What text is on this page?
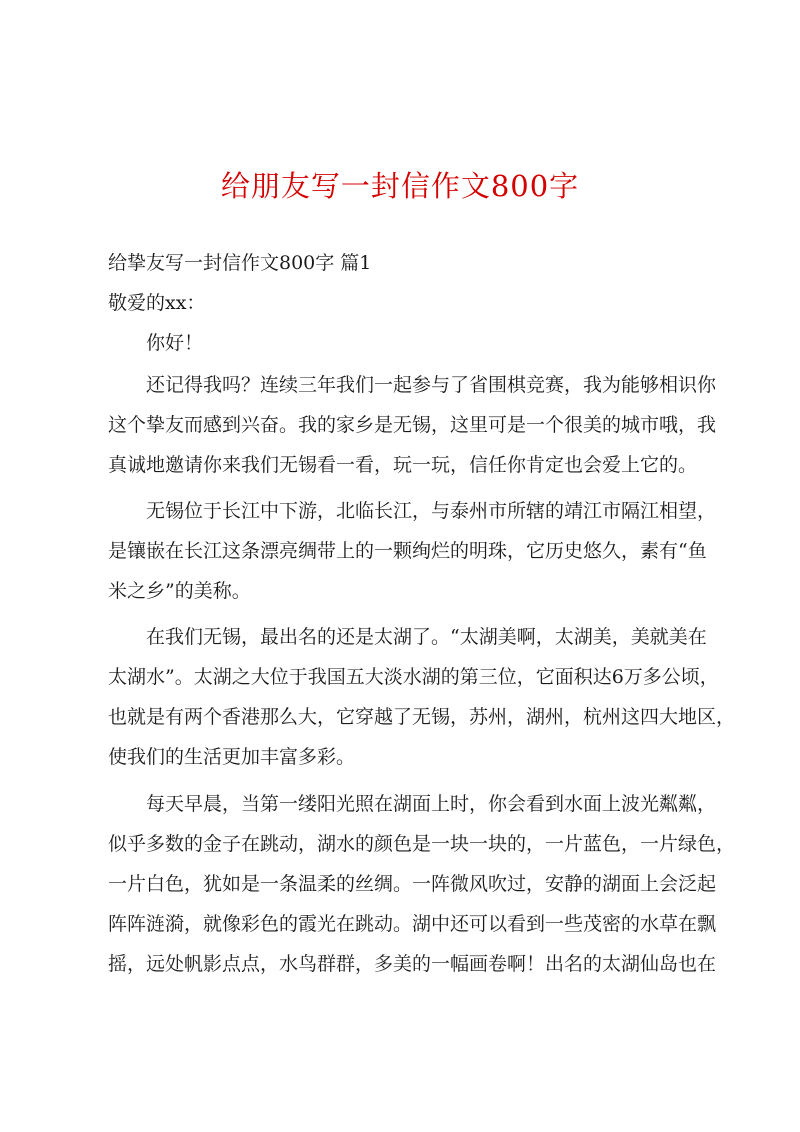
给朋友写一封信作文800字
给挚友写一封信作文800字 篇1
敬爱的xx：
你好！
还记得我吗？连续三年我们一起参与了省围棋竞赛，我为能够相识你
这个挚友而感到兴奋。我的家乡是无锡，这里可是一个很美的城市哦，我
真诚地邀请你来我们无锡看一看，玩一玩，信任你肯定也会爱上它的。
无锡位于长江中下游，北临长江，与泰州市所辖的靖江市隔江相望，
是镶嵌在长江这条漂亮绸带上的一颗绚烂的明珠，它历史悠久，素有“鱼
米之乡”的美称。
在我们无锡，最出名的还是太湖了。“太湖美啊，太湖美，美就美在
太湖水”。太湖之大位于我国五大淡水湖的第三位，它面积达6万多公顷，
也就是有两个香港那么大，它穿越了无锡，苏州，湖州，杭州这四大地区，
使我们的生活更加丰富多彩。
每天早晨，当第一缕阳光照在湖面上时，你会看到水面上波光粼粼，
似乎多数的金子在跳动，湖水的颜色是一块一块的，一片蓝色，一片绿色，
一片白色，犹如是一条温柔的丝绸。一阵微风吹过，安静的湖面上会泛起
阵阵涟漪，就像彩色的霞光在跳动。湖中还可以看到一些茂密的水草在飘
摇，远处帆影点点，水鸟群群，多美的一幅画卷啊！出名的太湖仙岛也在
